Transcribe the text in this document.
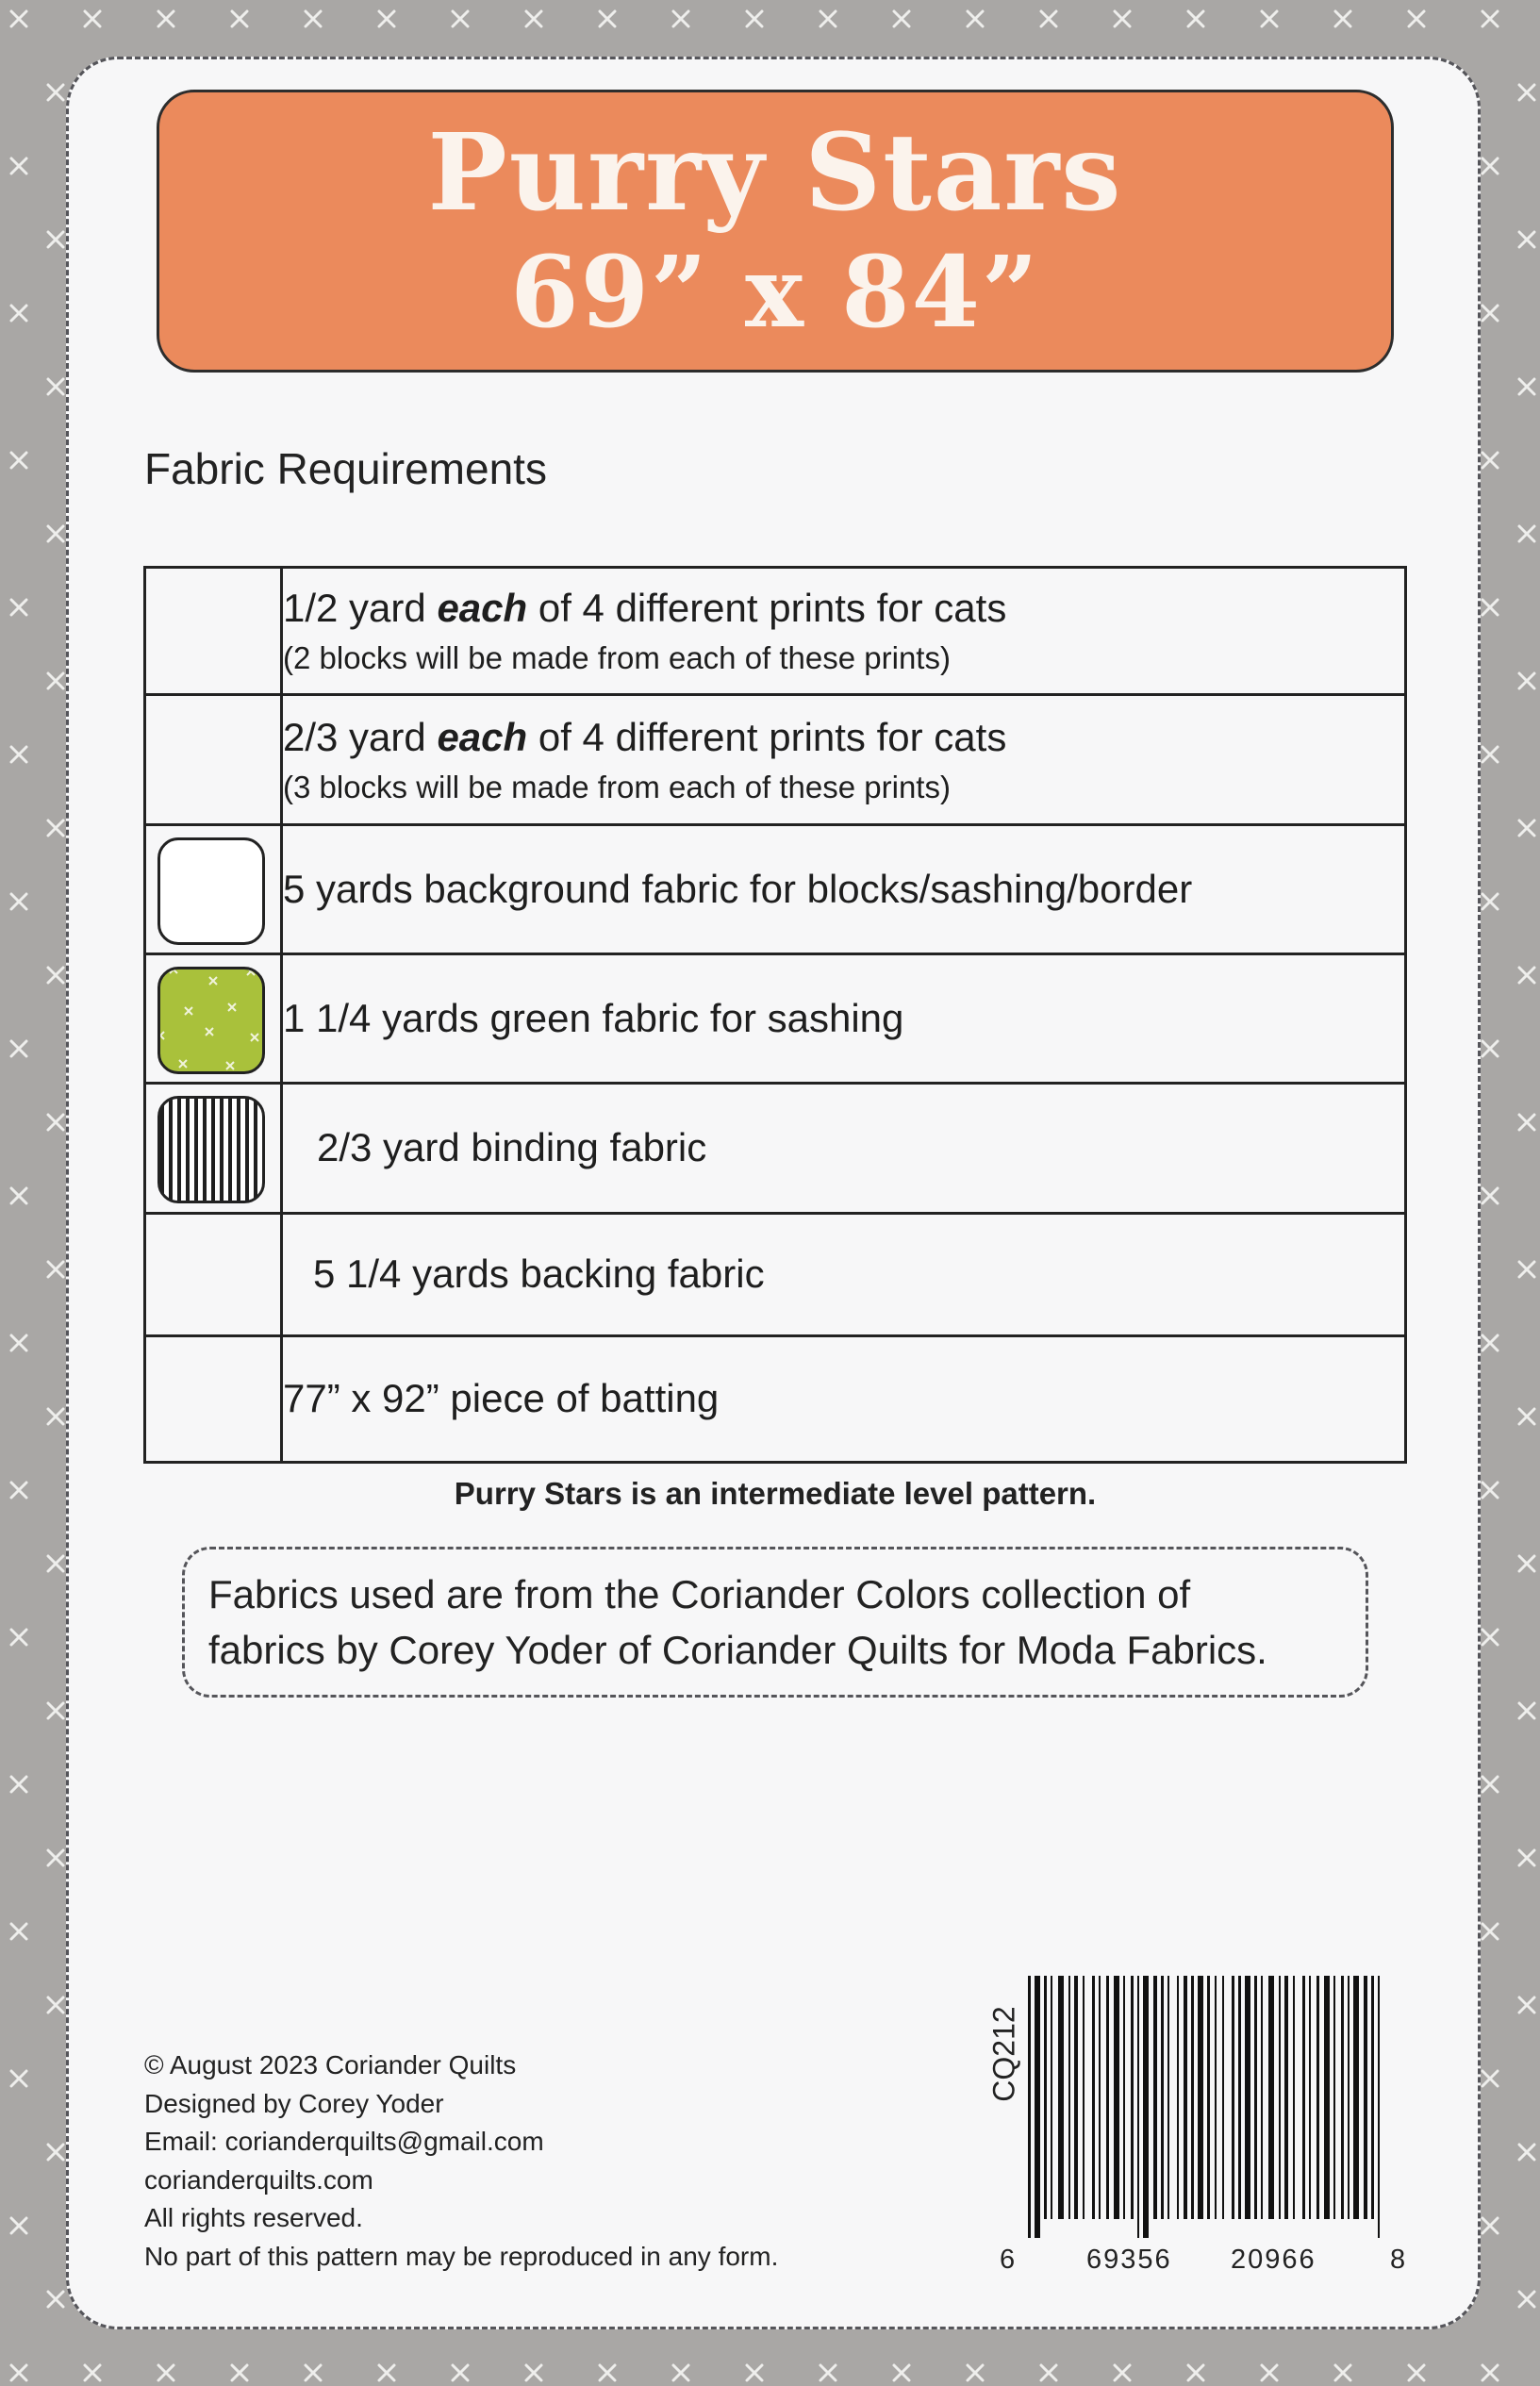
Purry Stars
69” x 84”
Fabric Requirements
	1/2 yard each of 4 different prints for cats
(2 blocks will be made from each of these prints)

	2/3 yard each of 4 different prints for cats
(3 blocks will be made from each of these prints)

	5 yards background fabric for blocks/sashing/border

	1 1/4 yards green fabric for sashing

	2/3 yard binding fabric
	5 1/4 yards backing fabric
	77” x 92” piece of batting
Purry Stars is an intermediate level pattern.
Fabrics used are from the Coriander Colors collection of
fabrics by Corey Yoder of Coriander Quilts for Moda Fabrics.
© August 2023 Coriander Quilts
Designed by Corey Yoder
Email: corianderquilts@gmail.com
corianderquilts.com
All rights reserved.
No part of this pattern may be reproduced in any form.
CQ212
6	69356 20966	8
